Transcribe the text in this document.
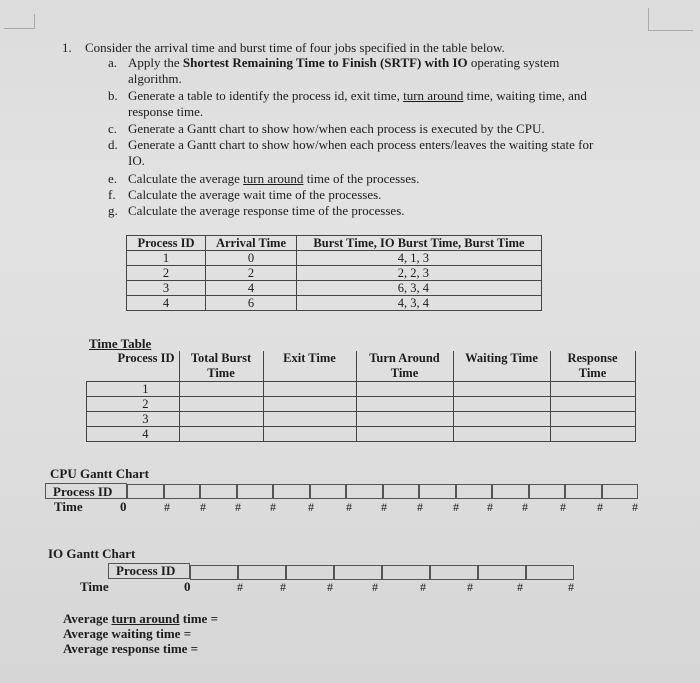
1. Consider the arrival time and burst time of four jobs specified in the table below.
a. Apply the Shortest Remaining Time to Finish (SRTF) with IO operating system
algorithm.
b. Generate a table to identify the process id, exit time, turn around time, waiting time, and
response time.
c. Generate a Gantt chart to show how/when each process is executed by the CPU.
d. Generate a Gantt chart to show how/when each process enters/leaves the waiting state for
IO.
e. Calculate the average turn around time of the processes.
f. Calculate the average wait time of the processes.
g. Calculate the average response time of the processes.
Process ID	Arrival Time	Burst Time, IO Burst Time, Burst Time
1	0	4, 1, 3
2	2	2, 2, 3
3	4	6, 3, 4
4	6	4, 3, 4
Time Table
Process ID	Total Burst Time	Exit Time	Turn Around Time	Waiting Time	Response Time
1					
2					
3					
4					
CPU Gantt Chart
Process ID
Time	0	#	# # #	#	# #	#	# # #	#	# #
IO Gantt Chart
Process ID
Time	0	#	#	#	#	#	#	#	#
Average turn around time =
Average waiting time =
Average response time =
